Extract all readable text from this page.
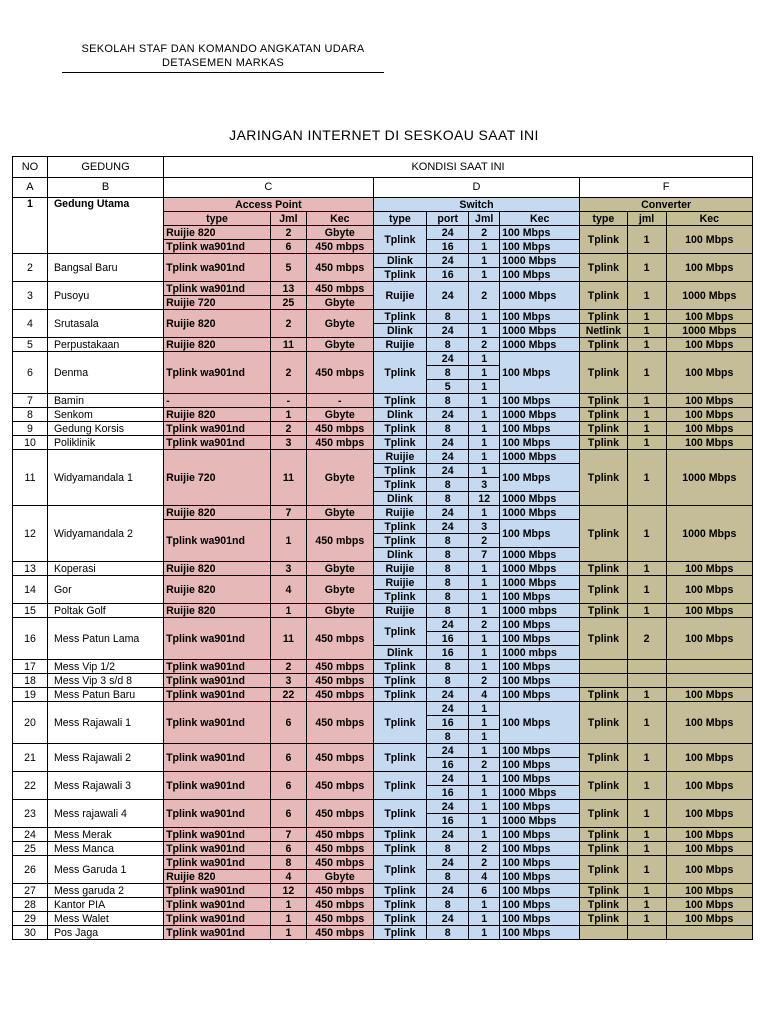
SEKOLAH STAF DAN KOMANDO ANGKATAN UDARA
DETASEMEN MARKAS
JARINGAN INTERNET DI SESKOAU SAAT INI
NO	GEDUNG	KONDISI SAAT INI									
A	B	C			D				F		
1	Gedung Utama	Access Point			Switch				Converter		
		type	Jml	Kec	type	port	Jml	Kec	type	jml	Kec
		Ruijie 820	2	Gbyte	Tplink	24	2	100 Mbps	Tplink	1	100 Mbps
		Tplink wa901nd	6	450 mbps		16	1	100 Mbps			
2	Bangsal Baru	Tplink wa901nd	5	450 mbps	Dlink	24	1	1000 Mbps	Tplink	1	100 Mbps
					Tplink	16	1	100 Mbps			
3	Pusoyu	Tplink wa901nd	13	450 mbps	Ruijie	24	2	1000 Mbps	Tplink	1	1000 Mbps
		Ruijie 720	25	Gbyte							
4	Srutasala	Ruijie 820	2	Gbyte	Tplink	8	1	100 Mbps	Tplink	1	100 Mbps
					Dlink	24	1	1000 Mbps	Netlink	1	1000 Mbps
5	Perpustakaan	Ruijie 820	11	Gbyte	Ruijie	8	2	1000 Mbps	Tplink	1	100 Mbps
6	Denma	Tplink wa901nd	2	450 mbps	Tplink	24	1	100 Mbps	Tplink	1	100 Mbps
						8	1				
						5	1				
7	Bamin	-	-	-	Tplink	8	1	100 Mbps	Tplink	1	100 Mbps
8	Senkom	Ruijie 820	1	Gbyte	Dlink	24	1	1000 Mbps	Tplink	1	100 Mbps
9	Gedung Korsis	Tplink wa901nd	2	450 mbps	Tplink	8	1	100 Mbps	Tplink	1	100 Mbps
10	Poliklinik	Tplink wa901nd	3	450 mbps	Tplink	24	1	100 Mbps	Tplink	1	100 Mbps
11	Widyamandala 1	Ruijie 720	11	Gbyte	Ruijie	24	1	1000 Mbps	Tplink	1	1000 Mbps
					Tplink	24	1	100 Mbps			
					Tplink	8	3				
					Dlink	8	12	1000 Mbps			
12	Widyamandala 2	Ruijie 820	7	Gbyte	Ruijie	24	1	1000 Mbps	Tplink	1	1000 Mbps
		Tplink wa901nd	1	450 mbps	Tplink	24	3	100 Mbps			
					Tplink	8	2				
					Dlink	8	7	1000 Mbps			
13	Koperasi	Ruijie 820	3	Gbyte	Ruijie	8	1	1000 Mbps	Tplink	1	100 Mbps
14	Gor	Ruijie 820	4	Gbyte	Ruijie	8	1	1000 Mbps	Tplink	1	100 Mbps
					Tplink	8	1	100 Mbps			
15	Poltak Golf	Ruijie 820	1	Gbyte	Ruijie	8	1	1000 mbps	Tplink	1	100 Mbps
16	Mess Patun Lama	Tplink wa901nd	11	450 mbps	Tplink	24	2	100 Mbps	Tplink	2	100 Mbps
						16	1	100 Mbps			
					Dlink	16	1	1000 mbps			
17	Mess Vip 1/2	Tplink wa901nd	2	450 mbps	Tplink	8	1	100 Mbps			
18	Mess Vip 3 s/d 8	Tplink wa901nd	3	450 mbps	Tplink	8	2	100 Mbps			
19	Mess Patun Baru	Tplink wa901nd	22	450 mbps	Tplink	24	4	100 Mbps	Tplink	1	100 Mbps
20	Mess Rajawali 1	Tplink wa901nd	6	450 mbps	Tplink	24	1	100 Mbps	Tplink	1	100 Mbps
						16	1				
						8	1				
21	Mess Rajawali 2	Tplink wa901nd	6	450 mbps	Tplink	24	1	100 Mbps	Tplink	1	100 Mbps
						16	2	100 Mbps			
22	Mess Rajawali 3	Tplink wa901nd	6	450 mbps	Tplink	24	1	100 Mbps	Tplink	1	100 Mbps
						16	1	1000 Mbps			
23	Mess rajawali 4	Tplink wa901nd	6	450 mbps	Tplink	24	1	100 Mbps	Tplink	1	100 Mbps
						16	1	1000 Mbps			
24	Mess Merak	Tplink wa901nd	7	450 mbps	Tplink	24	1	100 Mbps	Tplink	1	100 Mbps
25	Mess Manca	Tplink wa901nd	6	450 mbps	Tplink	8	2	100 Mbps	Tplink	1	100 Mbps
26	Mess Garuda 1	Tplink wa901nd	8	450 mbps	Tplink	24	2	100 Mbps	Tplink	1	100 Mbps
		Ruijie 820	4	Gbyte		8	4	100 Mbps			
27	Mess garuda 2	Tplink wa901nd	12	450 mbps	Tplink	24	6	100 Mbps	Tplink	1	100 Mbps
28	Kantor PIA	Tplink wa901nd	1	450 mbps	Tplink	8	1	100 Mbps	Tplink	1	100 Mbps
29	Mess Walet	Tplink wa901nd	1	450 mbps	Tplink	24	1	100 Mbps	Tplink	1	100 Mbps
30	Pos Jaga	Tplink wa901nd	1	450 mbps	Tplink	8	1	100 Mbps			
